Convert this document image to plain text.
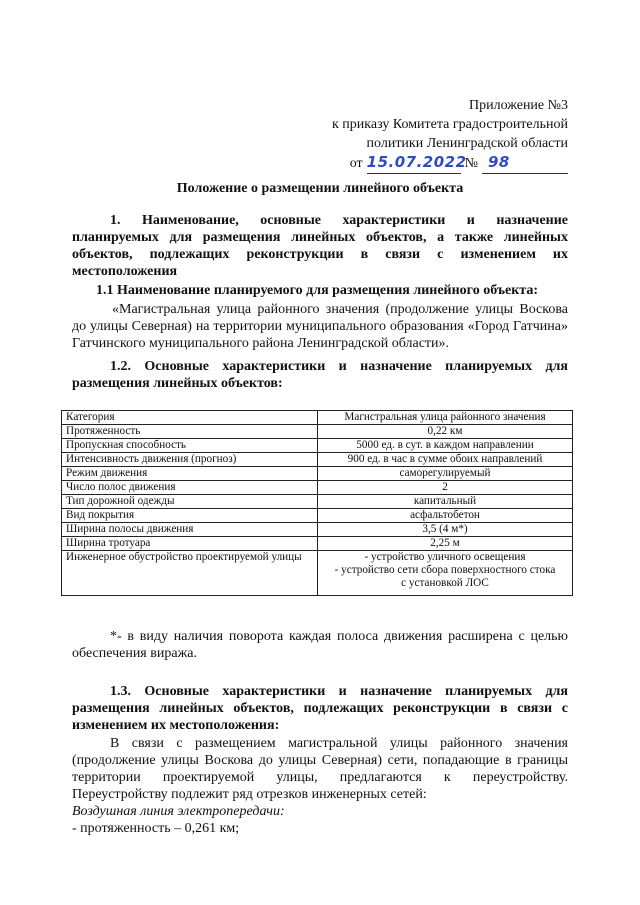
Приложение №3
к приказу Комитета градостроительной
политики Ленинградской области
от 15.07.2022
№ 98
Положение о размещении линейного объекта
1. Наименование, основные характеристики и назначение планируемых для размещения линейных объектов, а также линейных объектов, подлежащих реконструкции в связи с изменением их местоположения
1.1 Наименование планируемого для размещения линейного объекта:
«Магистральная улица районного значения (продолжение улицы Воскова до улицы Северная) на территории муниципального образования «Город Гатчина» Гатчинского муниципального района Ленинградской области».
1.2. Основные характеристики и назначение планируемых для размещения линейных объектов:
Категория	Магистральная улица районного значения
Протяженность	0,22 км
Пропускная способность	5000 ед. в сут. в каждом направлении
Интенсивность движения (прогноз)	900 ед. в час в сумме обоих направлений
Режим движения	саморегулируемый
Число полос движения	2
Тип дорожной одежды	капитальный
Вид покрытия	асфальтобетон
Ширина полосы движения	3,5 (4 м*)
Ширина тротуара	2,25 м
Инженерное обустройство проектируемой улицы	- устройство уличного освещения
- устройство сети сбора поверхностного стока
с установкой ЛОС
*- в виду наличия поворота каждая полоса движения расширена с целью обеспечения виража.
1.3. Основные характеристики и назначение планируемых для размещения линейных объектов, подлежащих реконструкции в связи с изменением их местоположения:
В связи с размещением магистральной улицы районного значения (продолжение улицы Воскова до улицы Северная) сети, попадающие в границы территории проектируемой улицы, предлагаются к переустройству. Переустройству подлежит ряд отрезков инженерных сетей:
Воздушная линия электропередачи:
- протяженность – 0,261 км;
